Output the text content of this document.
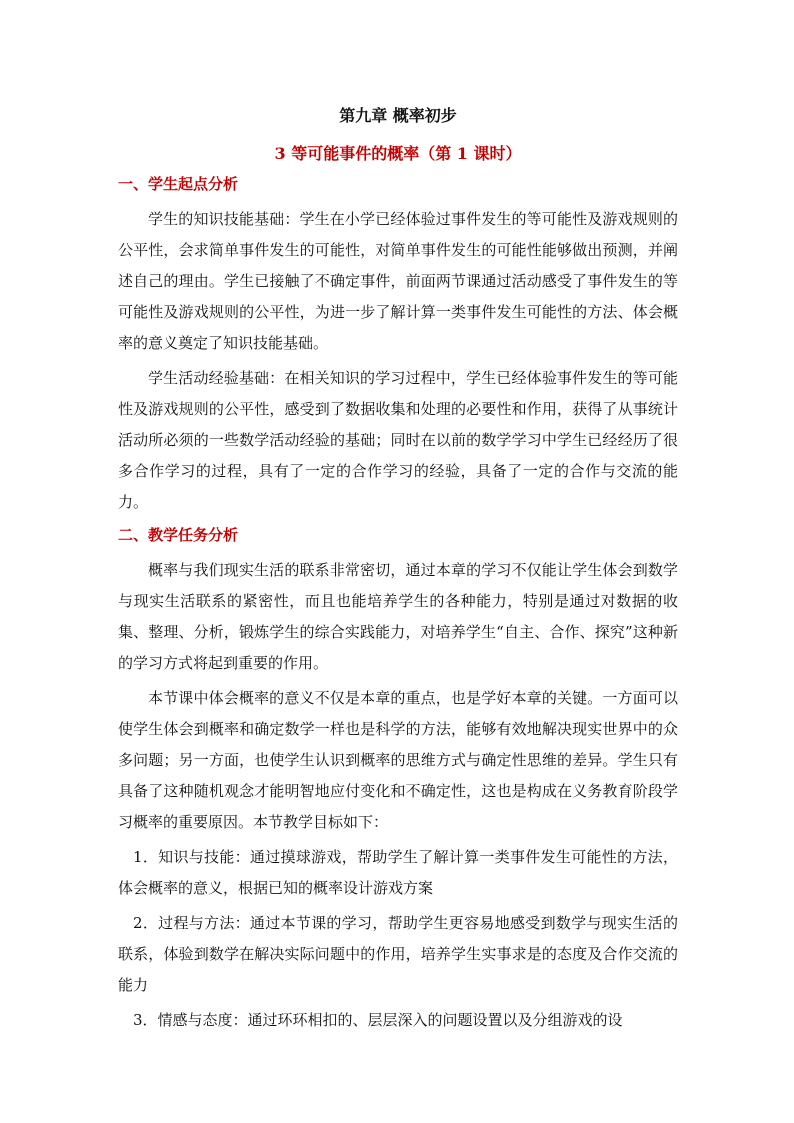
第九章 概率初步
3 等可能事件的概率（第 1 课时）
一、学生起点分析

学生的知识技能基础：学生在小学已经体验过事件发生的等可能性及游戏规则的公平性，会求简单事件发生的可能性，对简单事件发生的可能性能够做出预测，并阐述自己的理由。学生已接触了不确定事件，前面两节课通过活动感受了事件发生的等可能性及游戏规则的公平性，为进一步了解计算一类事件发生可能性的方法、体会概率的意义奠定了知识技能基础。

学生活动经验基础：在相关知识的学习过程中，学生已经体验事件发生的等可能性及游戏规则的公平性，感受到了数据收集和处理的必要性和作用，获得了从事统计活动所必须的一些数学活动经验的基础；同时在以前的数学学习中学生已经经历了很多合作学习的过程，具有了一定的合作学习的经验，具备了一定的合作与交流的能力。

二、教学任务分析

概率与我们现实生活的联系非常密切，通过本章的学习不仅能让学生体会到数学与现实生活联系的紧密性，而且也能培养学生的各种能力，特别是通过对数据的收集、整理、分析，锻炼学生的综合实践能力，对培养学生“自主、合作、探究”这种新的学习方式将起到重要的作用。

本节课中体会概率的意义不仅是本章的重点，也是学好本章的关键。一方面可以使学生体会到概率和确定数学一样也是科学的方法，能够有效地解决现实世界中的众多问题；另一方面，也使学生认识到概率的思维方式与确定性思维的差异。学生只有具备了这种随机观念才能明智地应付变化和不确定性，这也是构成在义务教育阶段学习概率的重要原因。本节教学目标如下：

1．知识与技能：通过摸球游戏，帮助学生了解计算一类事件发生可能性的方法，体会概率的意义，根据已知的概率设计游戏方案

2．过程与方法：通过本节课的学习，帮助学生更容易地感受到数学与现实生活的联系，体验到数学在解决实际问题中的作用，培养学生实事求是的态度及合作交流的能力

3．情感与态度：通过环环相扣的、层层深入的问题设置以及分组游戏的设
